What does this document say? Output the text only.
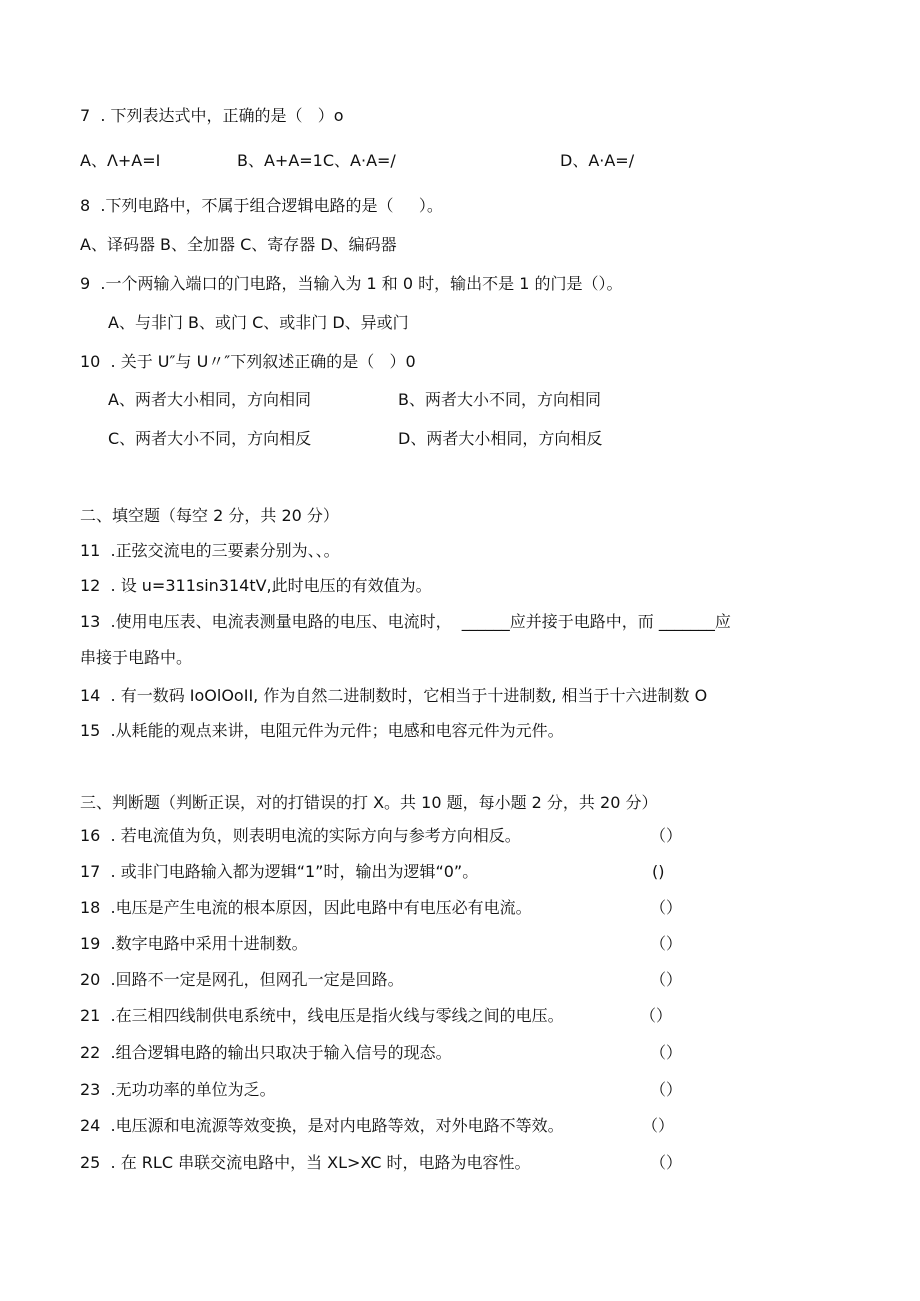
7  . 下列表达式中，正确的是（   ）o
A、Λ+A=I	B、A+A=1C、A·A=/	D、A·A=/
8  .下列电路中，不属于组合逻辑电路的是（     ）。
A、译码器 B、全加器 C、寄存器 D、编码器
9  .一个两输入端口的门电路，当输入为 1 和 0 时，输出不是 1 的门是（）。
A、与非门 B、或门 C、或非门 D、异或门
10  . 关于 U″与 U〃″下列叙述正确的是（   ）0
A、两者大小相同，方向相同	B、两者大小不同，方向相同
C、两者大小不同，方向相反	D、两者大小相同，方向相反
二、填空题（每空 2 分，共 20 分）
11  .正弦交流电的三要素分别为、、。
12  . 设 u=311sin314tV,此时电压的有效值为。
13  .使用电压表、电流表测量电路的电压、电流时，  ______应并接于电路中，而 _______应
串接于电路中。
14  . 有一数码 IoOlOoII, 作为自然二进制数时，它相当于十进制数, 相当于十六进制数 O
15  .从耗能的观点来讲，电阻元件为元件；电感和电容元件为元件。
三、判断题（判断正误，对的打错误的打 X。共 10 题，每小题 2 分，共 20 分）
16  . 若电流值为负，则表明电流的实际方向与参考方向相反。	（）
17  . 或非门电路输入都为逻辑“1”时，输出为逻辑“0”。	()
18  .电压是产生电流的根本原因，因此电路中有电压必有电流。	（）
19  .数字电路中采用十进制数。	（）
20  .回路不一定是网孔，但网孔一定是回路。	（）
21  .在三相四线制供电系统中，线电压是指火线与零线之间的电压。	（）
22  .组合逻辑电路的输出只取决于输入信号的现态。	（）
23  .无功功率的单位为乏。	（）
24  .电压源和电流源等效变换，是对内电路等效，对外电路不等效。	（）
25  . 在 RLC 串联交流电路中，当 XL>XC 时，电路为电容性。	（）
